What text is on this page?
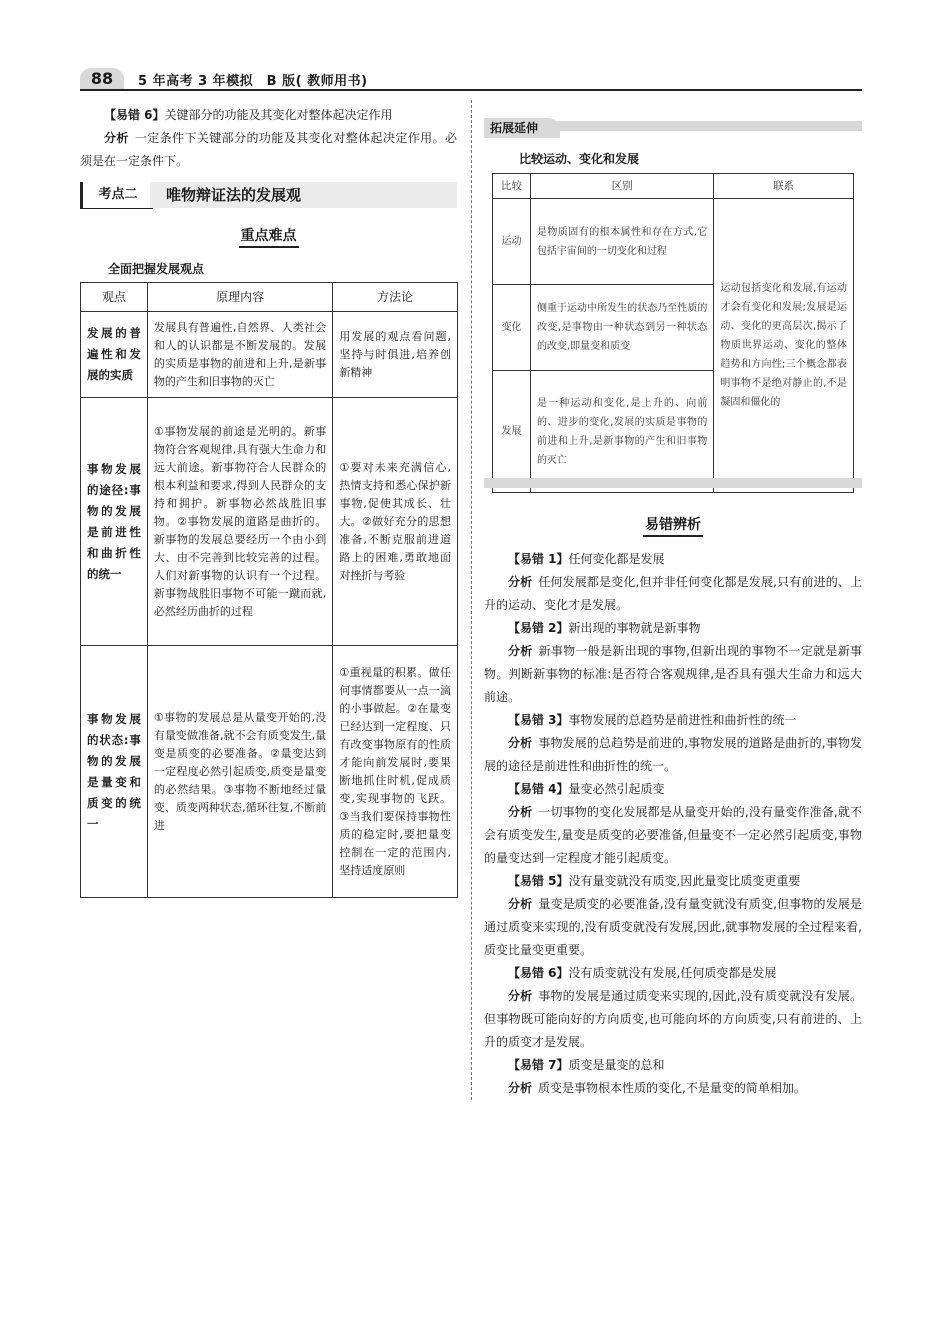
88	5 年高考 3 年模拟　B 版( 教师用书)
【易错 6】关键部分的功能及其变化对整体起决定作用
分析 一定条件下关键部分的功能及其变化对整体起决定作用。必须是在一定条件下。
考点二	唯物辩证法的发展观
重点难点
全面把握发展观点
观点	原理内容	方法论
发展的普遍性和发展的实质	发展具有普遍性,自然界、人类社会和人的认识都是不断发展的。发展的实质是事物的前进和上升,是新事物的产生和旧事物的灭亡	用发展的观点看问题,坚持与时俱进,培养创新精神
事物发展的途径:事物的发展是前进性和曲折性的统一	①事物发展的前途是光明的。新事物符合客观规律,具有强大生命力和远大前途。新事物符合人民群众的根本利益和要求,得到人民群众的支持和拥护。新事物必然战胜旧事物。②事物发展的道路是曲折的。新事物的发展总要经历一个由小到大、由不完善到比较完善的过程。人们对新事物的认识有一个过程。新事物战胜旧事物不可能一蹴而就,必然经历曲折的过程	①要对未来充满信心,热情支持和悉心保护新事物,促使其成长、壮大。②做好充分的思想准备,不断克服前进道路上的困难,勇敢地面对挫折与考验
事物发展的状态:事物的发展是量变和质变的统一	①事物的发展总是从量变开始的,没有量变做准备,就不会有质变发生,量变是质变的必要准备。②量变达到一定程度必然引起质变,质变是量变的必然结果。③事物不断地经过量变、质变两种状态,循环往复,不断前进	①重视量的积累。做任何事情都要从一点一滴的小事做起。②在量变已经达到一定程度、只有改变事物原有的性质才能向前发展时,要果断地抓住时机,促成质变,实现事物的飞跃。③当我们要保持事物性质的稳定时,要把量变控制在一定的范围内,坚持适度原则
拓展延伸
比较运动、变化和发展
比较	区别	联系
运动	是物质固有的根本属性和存在方式,它包括宇宙间的一切变化和过程	运动包括变化和发展,有运动才会有变化和发展;发展是运动、变化的更高层次,揭示了物质世界运动、变化的整体趋势和方向性;三个概念都表明事物不是绝对静止的,不是凝固和僵化的
变化	侧重于运动中所发生的状态乃至性质的改变,是事物由一种状态到另一种状态的改变,即量变和质变	
发展	是一种运动和变化,是上升的、向前的、进步的变化,发展的实质是事物的前进和上升,是新事物的产生和旧事物的灭亡	
易错辨析
【易错 1】任何变化都是发展
分析 任何发展都是变化,但并非任何变化都是发展,只有前进的、上升的运动、变化才是发展。
【易错 2】新出现的事物就是新事物
分析 新事物一般是新出现的事物,但新出现的事物不一定就是新事物。判断新事物的标准:是否符合客观规律,是否具有强大生命力和远大前途。
【易错 3】事物发展的总趋势是前进性和曲折性的统一
分析 事物发展的总趋势是前进的,事物发展的道路是曲折的,事物发展的途径是前进性和曲折性的统一。
【易错 4】量变必然引起质变
分析 一切事物的变化发展都是从量变开始的,没有量变作准备,就不会有质变发生,量变是质变的必要准备,但量变不一定必然引起质变,事物的量变达到一定程度才能引起质变。
【易错 5】没有量变就没有质变,因此量变比质变更重要
分析 量变是质变的必要准备,没有量变就没有质变,但事物的发展是通过质变来实现的,没有质变就没有发展,因此,就事物发展的全过程来看,质变比量变更重要。
【易错 6】没有质变就没有发展,任何质变都是发展
分析 事物的发展是通过质变来实现的,因此,没有质变就没有发展。但事物既可能向好的方向质变,也可能向坏的方向质变,只有前进的、上升的质变才是发展。
【易错 7】质变是量变的总和
分析 质变是事物根本性质的变化,不是量变的简单相加。
